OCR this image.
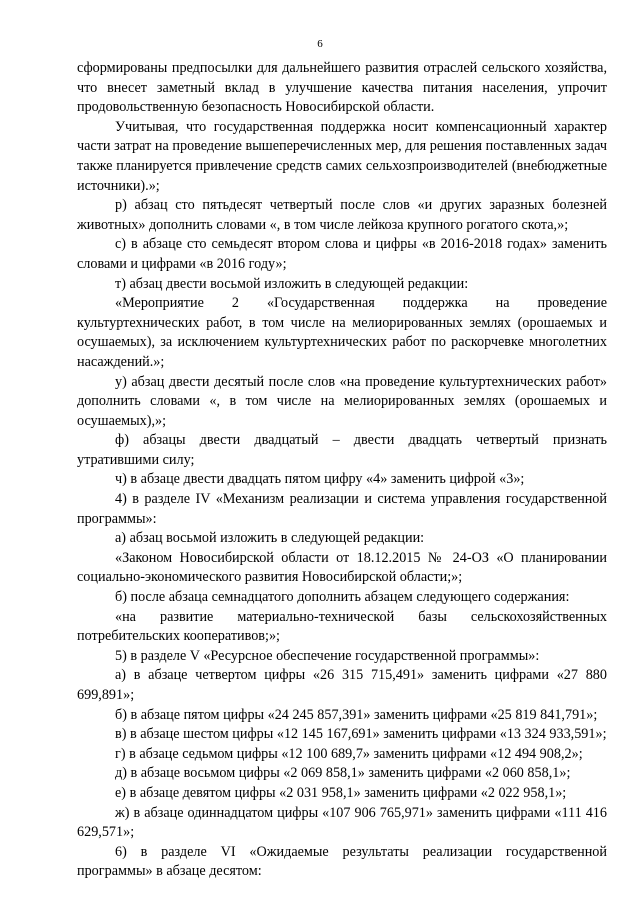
6

сформированы предпосылки для дальнейшего развития отраслей сельского хозяйства, что внесет заметный вклад в улучшение качества питания населения, упрочит продовольственную безопасность Новосибирской области.

Учитывая, что государственная поддержка носит компенсационный характер части затрат на проведение вышеперечисленных мер, для решения поставленных задач также планируется привлечение средств самих сельхозпроизводителей (внебюджетные источники).»;

р) абзац сто пятьдесят четвертый после слов «и других заразных болезней животных» дополнить словами «, в том числе лейкоза крупного рогатого скота,»;

с) в абзаце сто семьдесят втором слова и цифры «в 2016-2018 годах» заменить словами и цифрами «в 2016 году»;

т) абзац двести восьмой изложить в следующей редакции:

«Мероприятие 2 «Государственная поддержка на проведение культуртехнических работ, в том числе на мелиорированных землях (орошаемых и осушаемых), за исключением культуртехнических работ по раскорчевке многолетних насаждений.»;

у) абзац двести десятый после слов «на проведение культуртехнических работ» дополнить словами «, в том числе на мелиорированных землях (орошаемых и осушаемых),»;

ф) абзацы двести двадцатый – двести двадцать четвертый признать утратившими силу;

ч) в абзаце двести двадцать пятом цифру «4» заменить цифрой «3»;

4) в разделе IV «Механизм реализации и система управления государственной программы»:

а) абзац восьмой изложить в следующей редакции:

«Законом Новосибирской области от 18.12.2015 № 24-ОЗ «О планировании социально-экономического развития Новосибирской области;»;

б) после абзаца семнадцатого дополнить абзацем следующего содержания:

«на развитие материально-технической базы сельскохозяйственных потребительских кооперативов;»;

5) в разделе V «Ресурсное обеспечение государственной программы»:

а) в абзаце четвертом цифры «26 315 715,491» заменить цифрами «27 880 699,891»;

б) в абзаце пятом цифры «24 245 857,391» заменить цифрами «25 819 841,791»;

в) в абзаце шестом цифры «12 145 167,691» заменить цифрами «13 324 933,591»;

г) в абзаце седьмом цифры «12 100 689,7» заменить цифрами «12 494 908,2»;

д) в абзаце восьмом цифры «2 069 858,1» заменить цифрами «2 060 858,1»;

е) в абзаце девятом цифры «2 031 958,1» заменить цифрами «2 022 958,1»;

ж) в абзаце одиннадцатом цифры «107 906 765,971» заменить цифрами «111 416 629,571»;

6) в разделе VI «Ожидаемые результаты реализации государственной программы» в абзаце десятом:
